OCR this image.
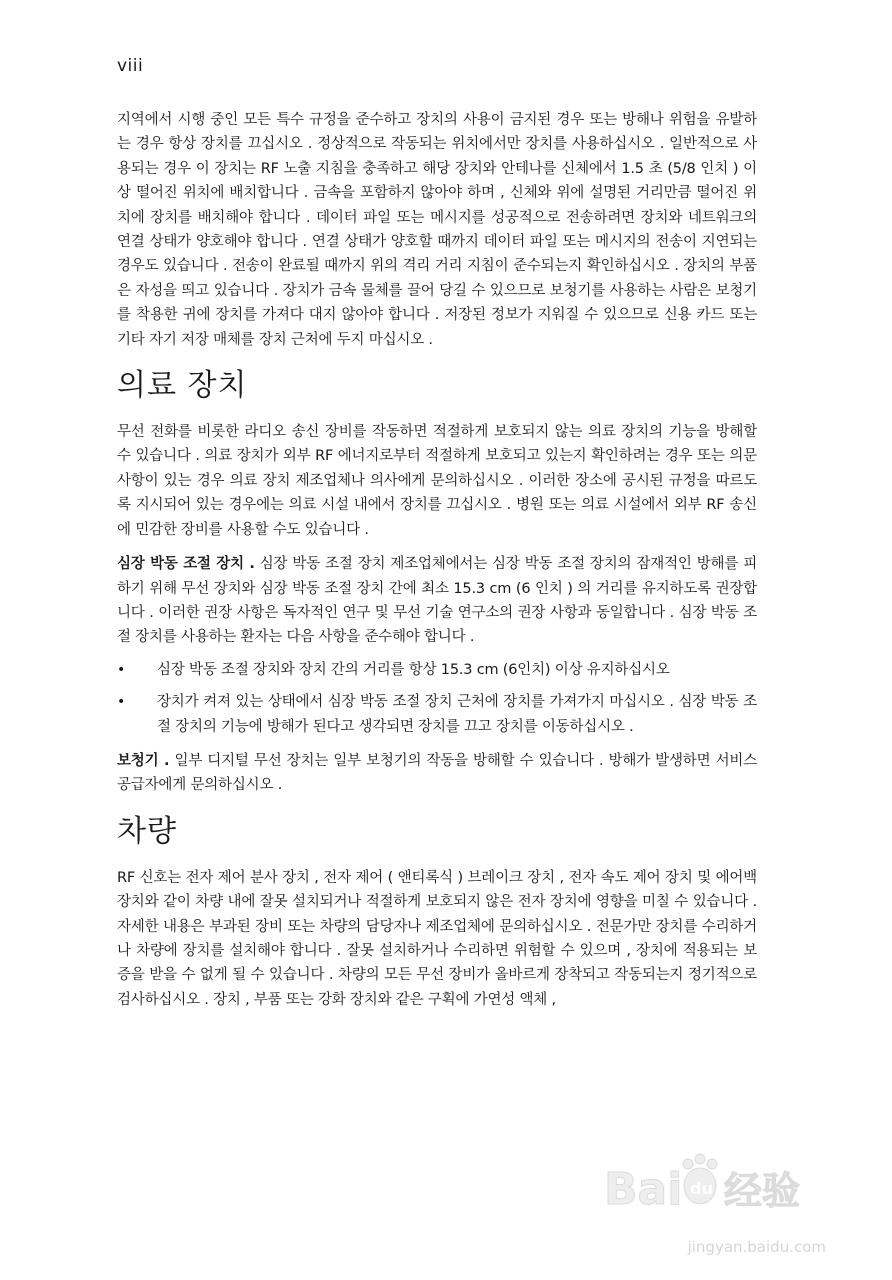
viii

지역에서 시행 중인 모든 특수 규정을 준수하고 장치의 사용이 금지된 경우 또는 방해나 위험을 유발하는 경우 항상 장치를 끄십시오 . 정상적으로 작동되는 위치에서만 장치를 사용하십시오 . 일반적으로 사용되는 경우 이 장치는 RF 노출 지침을 충족하고 해당 장치와 안테나를 신체에서 1.5 초 (5/8 인치 ) 이상 떨어진 위치에 배치합니다 . 금속을 포함하지 않아야 하며 , 신체와 위에 설명된 거리만큼 떨어진 위치에 장치를 배치해야 합니다 . 데이터 파일 또는 메시지를 성공적으로 전송하려면 장치와 네트워크의 연결 상태가 양호해야 합니다 . 연결 상태가 양호할 때까지 데이터 파일 또는 메시지의 전송이 지연되는 경우도 있습니다 . 전송이 완료될 때까지 위의 격리 거리 지침이 준수되는지 확인하십시오 . 장치의 부품은 자성을 띄고 있습니다 . 장치가 금속 물체를 끌어 당길 수 있으므로 보청기를 사용하는 사람은 보청기를 착용한 귀에 장치를 가져다 대지 않아야 합니다 . 저장된 정보가 지워질 수 있으므로 신용 카드 또는 기타 자기 저장 매체를 장치 근처에 두지 마십시오 .

의료 장치

무선 전화를 비롯한 라디오 송신 장비를 작동하면 적절하게 보호되지 않는 의료 장치의 기능을 방해할 수 있습니다 . 의료 장치가 외부 RF 에너지로부터 적절하게 보호되고 있는지 확인하려는 경우 또는 의문 사항이 있는 경우 의료 장치 제조업체나 의사에게 문의하십시오 . 이러한 장소에 공시된 규정을 따르도록 지시되어 있는 경우에는 의료 시설 내에서 장치를 끄십시오 . 병원 또는 의료 시설에서 외부 RF 송신에 민감한 장비를 사용할 수도 있습니다 .

심장 박동 조절 장치 . 심장 박동 조절 장치 제조업체에서는 심장 박동 조절 장치의 잠재적인 방해를 피하기 위해 무선 장치와 심장 박동 조절 장치 간에 최소 15.3 cm (6 인치 ) 의 거리를 유지하도록 권장합니다 . 이러한 권장 사항은 독자적인 연구 및 무선 기술 연구소의 권장 사항과 동일합니다 . 심장 박동 조절 장치를 사용하는 환자는 다음 사항을 준수해야 합니다 .

• 심장 박동 조절 장치와 장치 간의 거리를 항상 15.3 cm (6인치) 이상 유지하십시오
• 장치가 켜져 있는 상태에서 심장 박동 조절 장치 근처에 장치를 가져가지 마십시오 . 심장 박동 조절 장치의 기능에 방해가 된다고 생각되면 장치를 끄고 장치를 이동하십시오 .

보청기 . 일부 디지털 무선 장치는 일부 보청기의 작동을 방해할 수 있습니다 . 방해가 발생하면 서비스 공급자에게 문의하십시오 .

차량

RF 신호는 전자 제어 분사 장치 , 전자 제어 ( 앤티록식 ) 브레이크 장치 , 전자 속도 제어 장치 및 에어백 장치와 같이 차량 내에 잘못 설치되거나 적절하게 보호되지 않은 전자 장치에 영향을 미칠 수 있습니다 . 자세한 내용은 부과된 장비 또는 차량의 담당자나 제조업체에 문의하십시오 . 전문가만 장치를 수리하거나 차량에 장치를 설치해야 합니다 . 잘못 설치하거나 수리하면 위험할 수 있으며 , 장치에 적용되는 보증을 받을 수 없게 될 수 있습니다 . 차량의 모든 무선 장비가 올바르게 장착되고 작동되는지 정기적으로 검사하십시오 . 장치 , 부품 또는 강화 장치와 같은 구획에 가연성 액체 ,

Bai du 经验
jingyan.baidu.com
